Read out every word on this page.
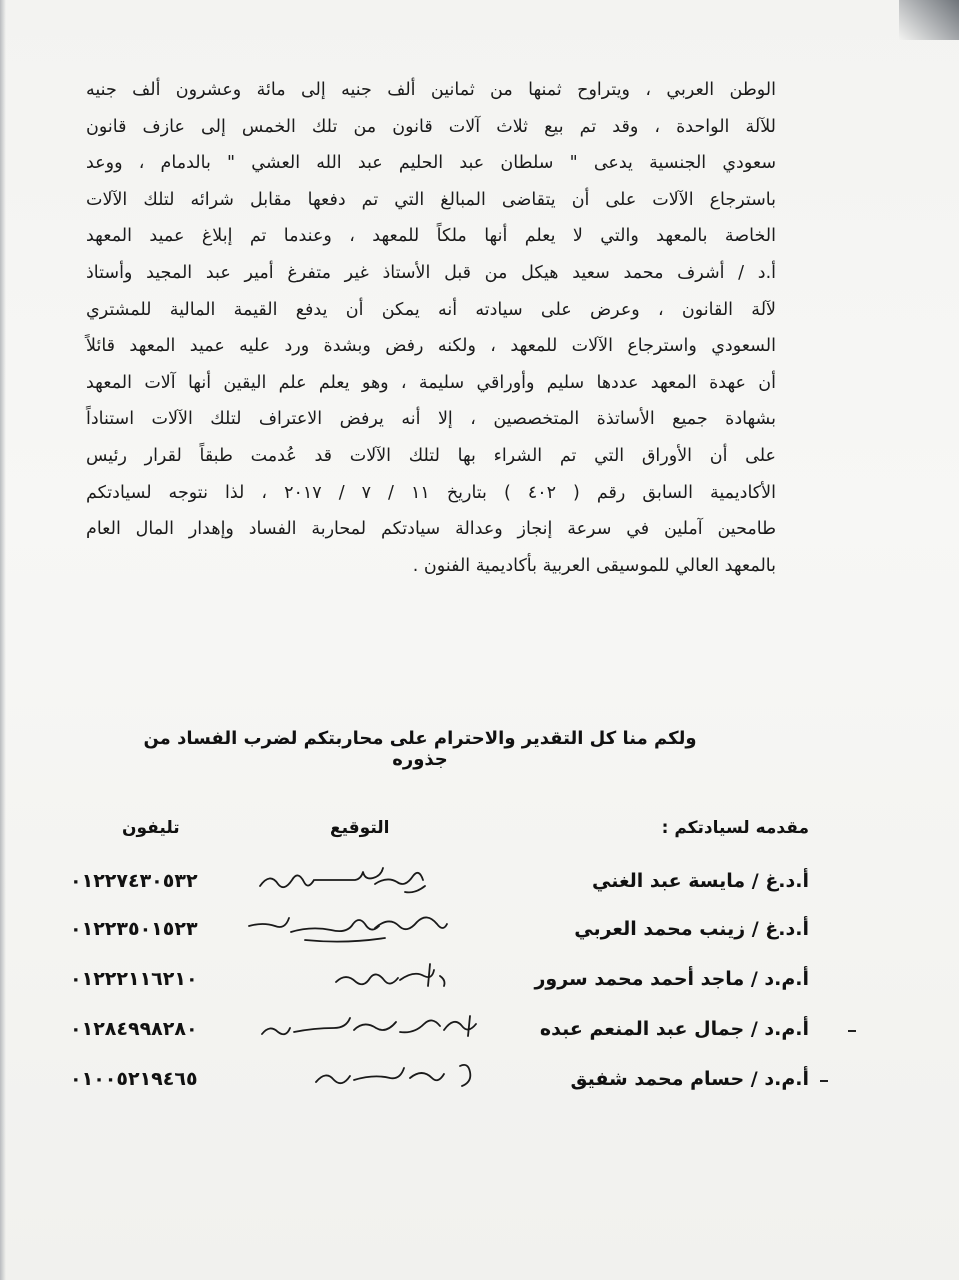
الوطن العربي ، ويتراوح ثمنها من ثمانين ألف جنيه إلى مائة وعشرون ألف جنيه
للآلة الواحدة ، وقد تم بيع ثلاث آلات قانون من تلك الخمس إلى عازف قانون
سعودي الجنسية يدعى " سلطان عبد الحليم عبد الله العشي " بالدمام ، ووعد
باسترجاع الآلات على أن يتقاضى المبالغ التي تم دفعها مقابل شرائه لتلك الآلات
الخاصة بالمعهد والتي لا يعلم أنها ملكاً للمعهد ، وعندما تم إبلاغ عميد المعهد
أ.د / أشرف محمد سعيد هيكل من قبل الأستاذ غير متفرغ أمير عبد المجيد وأستاذ
لآلة القانون ، وعرض على سيادته أنه يمكن أن يدفع القيمة المالية للمشتري
السعودي واسترجاع الآلات للمعهد ، ولكنه رفض وبشدة ورد عليه عميد المعهد قائلاً
أن عهدة المعهد عددها سليم وأوراقي سليمة ، وهو يعلم علم اليقين أنها آلات المعهد
بشهادة جميع الأساتذة المتخصصين ، إلا أنه يرفض الاعتراف لتلك الآلات استناداً
على أن الأوراق التي تم الشراء بها لتلك الآلات قد عُدمت طبقاً لقرار رئيس
الأكاديمية السابق رقم ( ٤٠٢ ) بتاريخ ١١ / ٧ / ٢٠١٧ ، لذا نتوجه لسيادتكم
طامحين آملين في سرعة إنجاز وعدالة سيادتكم لمحاربة الفساد وإهدار المال العام
بالمعهد العالي للموسيقى العربية بأكاديمية الفنون .
ولكم منا كل التقدير والاحترام على محاربتكم لضرب الفساد من جذوره
مقدمه لسيادتكم :
التوقيع
تليفون
أ.د.غ / مايسة عبد الغني
٠١٢٢٧٤٣٠٥٣٢
أ.د.غ / زينب محمد العربي
٠١٢٢٣٥٠١٥٢٣
أ.م.د / ماجد أحمد محمد سرور
٠١٢٢٢١١٦٢١٠
أ.م.د / جمال عبد المنعم عبده
٠١٢٨٤٩٩٨٢٨٠
أ.م.د / حسام محمد شفيق
٠١٠٠٥٢١٩٤٦٥
